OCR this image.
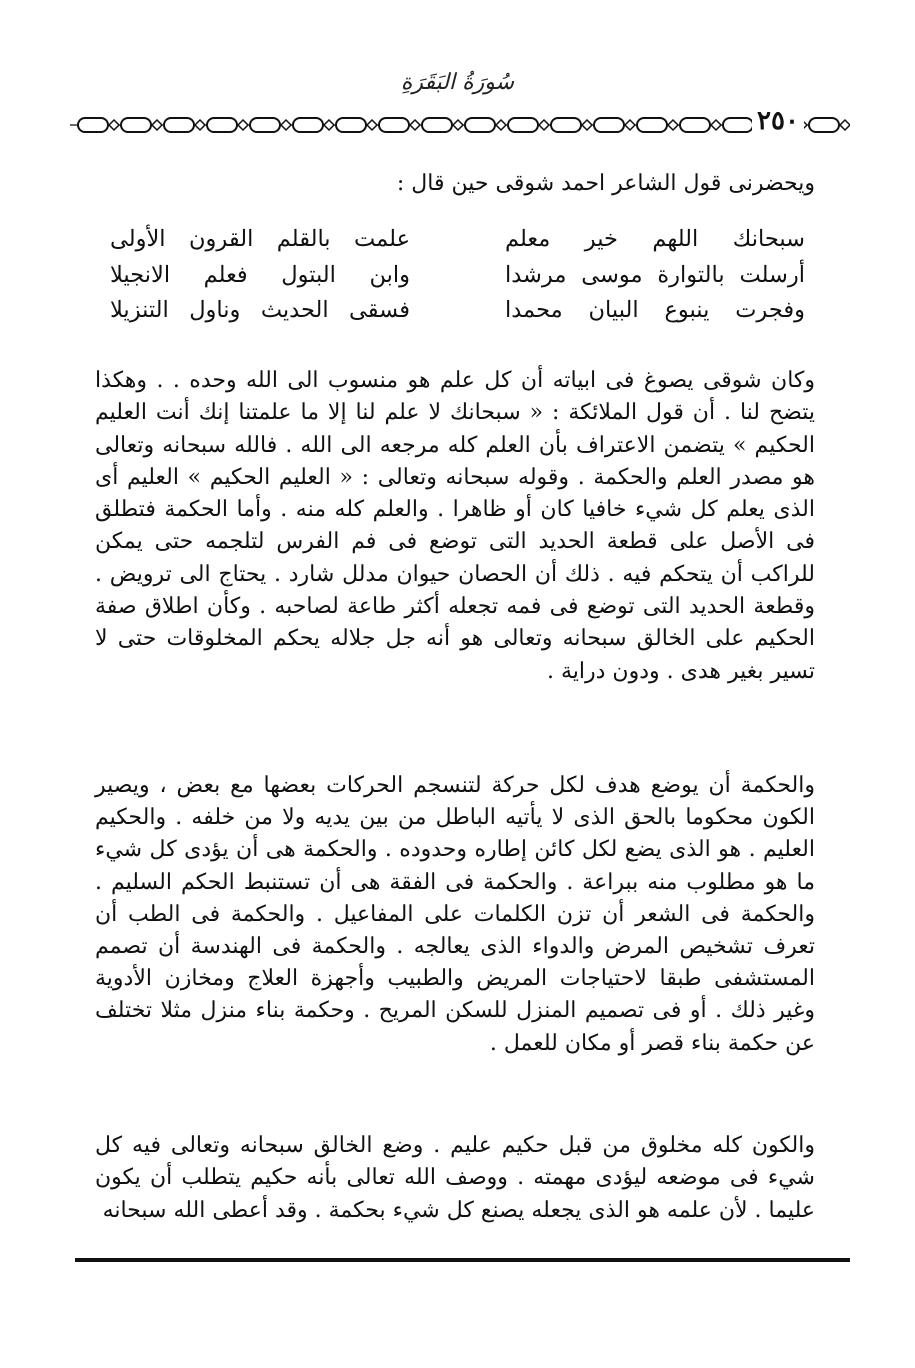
سُورَةُ البَقَرَةِ
٢٥٠
ويحضرنى قول الشاعر احمد شوقى حين قال :
سبحانك اللهم خير معلم
علمت بالقلم القرون الأولى
أرسلت بالتوارة موسى مرشدا
وابن البتول فعلم الانجيلا
وفجرت ينبوع البيان محمدا
فسقى الحديث وناول التنزيلا
وكان شوقى يصوغ فى ابياته أن كل علم هو منسوب الى الله وحده . . وهكذا يتضح لنا . أن قول الملائكة : « سبحانك لا علم لنا إلا ما علمتنا إنك أنت العليم الحكيم » يتضمن الاعتراف بأن العلم كله مرجعه الى الله . فالله سبحانه وتعالى هو مصدر العلم والحكمة . وقوله سبحانه وتعالى : « العليم الحكيم » العليم أى الذى يعلم كل شيء خافيا كان أو ظاهرا . والعلم كله منه . وأما الحكمة فتطلق فى الأصل على قطعة الحديد التى توضع فى فم الفرس لتلجمه حتى يمكن للراكب أن يتحكم فيه . ذلك أن الحصان حيوان مدلل شارد . يحتاج الى ترويض . وقطعة الحديد التى توضع فى فمه تجعله أكثر طاعة لصاحبه . وكأن اطلاق صفة الحكيم على الخالق سبحانه وتعالى هو أنه جل جلاله يحكم المخلوقات حتى لا تسير بغير هدى . ودون دراية .
والحكمة أن يوضع هدف لكل حركة لتنسجم الحركات بعضها مع بعض ، ويصير الكون محكوما بالحق الذى لا يأتيه الباطل من بين يديه ولا من خلفه . والحكيم العليم . هو الذى يضع لكل كائن إطاره وحدوده . والحكمة هى أن يؤدى كل شيء ما هو مطلوب منه ببراعة . والحكمة فى الفقة هى أن تستنبط الحكم السليم . والحكمة فى الشعر أن تزن الكلمات على المفاعيل . والحكمة فى الطب أن تعرف تشخيص المرض والدواء الذى يعالجه . والحكمة فى الهندسة أن تصمم المستشفى طبقا لاحتياجات المريض والطبيب وأجهزة العلاج ومخازن الأدوية وغير ذلك . أو فى تصميم المنزل للسكن المريح . وحكمة بناء منزل مثلا تختلف عن حكمة بناء قصر أو مكان للعمل .
والكون كله مخلوق من قبل حكيم عليم . وضع الخالق سبحانه وتعالى فيه كل شيء فى موضعه ليؤدى مهمته . ووصف الله تعالى بأنه حكيم يتطلب أن يكون عليما . لأن علمه هو الذى يجعله يصنع كل شيء بحكمة . وقد أعطى الله سبحانه
